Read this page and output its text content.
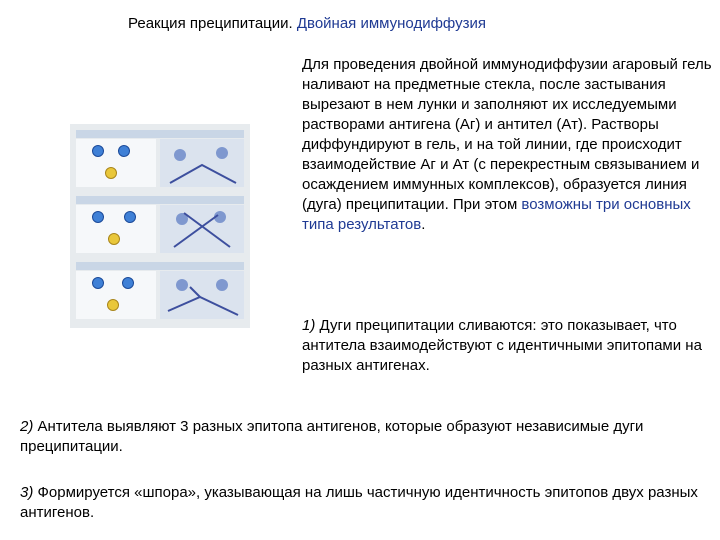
Реакция преципитации. Двойная иммунодиффузия
Для проведения двойной иммунодиффузии агаровый гель наливают на предметные стекла, после застывания вырезают в нем лунки и заполняют их исследуемыми растворами антигена (Аг) и антител (Ат). Растворы диффундируют в гель, и на той линии, где происходит взаимодействие Аг и Ат (с перекрестным связыванием и осаждением иммунных комплексов), образуется линия (дуга) преципитации. При этом возможны три основных типа результатов.
1) Дуги преципитации сливаются: это показывает, что антитела взаимодействуют с идентичными эпитопами на разных антигенах.
2) Антитела выявляют 3 разных эпитопа антигенов, которые образуют независимые дуги преципитации.
3) Формируется «шпора», указывающая на лишь частичную идентичность эпитопов двух разных антигенов.
